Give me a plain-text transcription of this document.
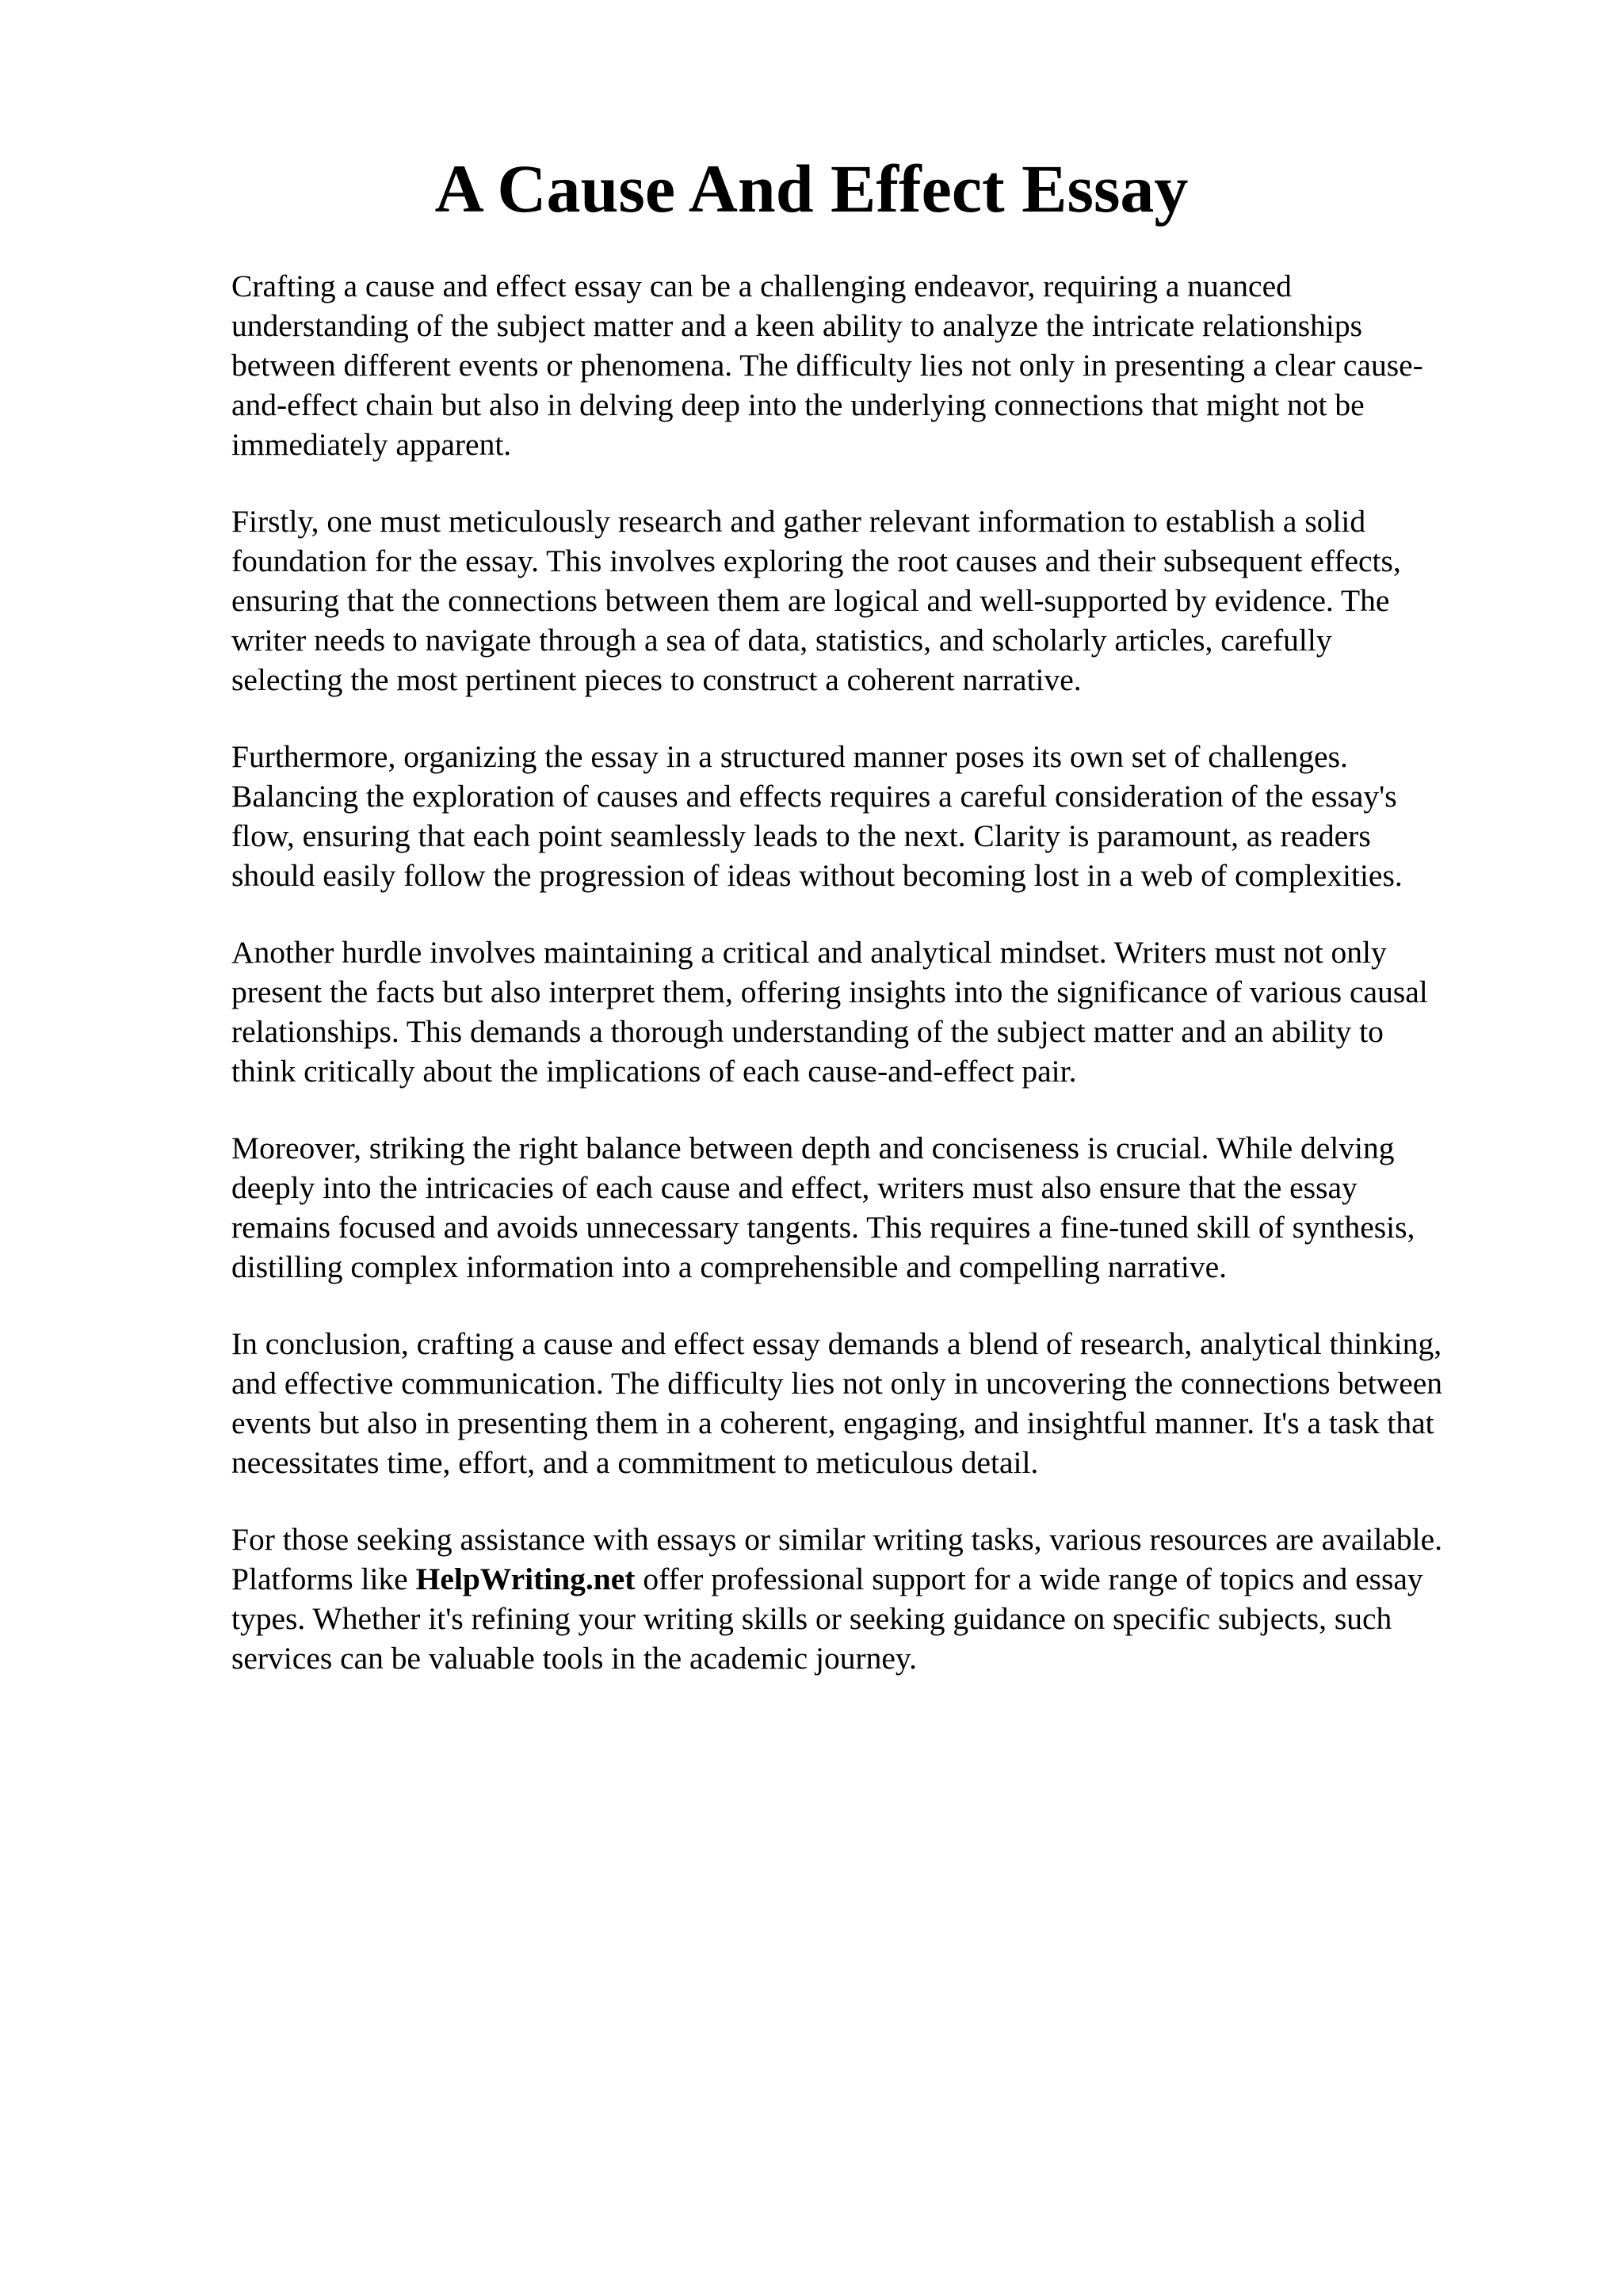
A Cause And Effect Essay

Crafting a cause and effect essay can be a challenging endeavor, requiring a nuanced
understanding of the subject matter and a keen ability to analyze the intricate relationships
between different events or phenomena. The difficulty lies not only in presenting a clear cause-
and-effect chain but also in delving deep into the underlying connections that might not be
immediately apparent.

Firstly, one must meticulously research and gather relevant information to establish a solid
foundation for the essay. This involves exploring the root causes and their subsequent effects,
ensuring that the connections between them are logical and well-supported by evidence. The
writer needs to navigate through a sea of data, statistics, and scholarly articles, carefully
selecting the most pertinent pieces to construct a coherent narrative.

Furthermore, organizing the essay in a structured manner poses its own set of challenges.
Balancing the exploration of causes and effects requires a careful consideration of the essay's
flow, ensuring that each point seamlessly leads to the next. Clarity is paramount, as readers
should easily follow the progression of ideas without becoming lost in a web of complexities.

Another hurdle involves maintaining a critical and analytical mindset. Writers must not only
present the facts but also interpret them, offering insights into the significance of various causal
relationships. This demands a thorough understanding of the subject matter and an ability to
think critically about the implications of each cause-and-effect pair.

Moreover, striking the right balance between depth and conciseness is crucial. While delving
deeply into the intricacies of each cause and effect, writers must also ensure that the essay
remains focused and avoids unnecessary tangents. This requires a fine-tuned skill of synthesis,
distilling complex information into a comprehensible and compelling narrative.

In conclusion, crafting a cause and effect essay demands a blend of research, analytical thinking,
and effective communication. The difficulty lies not only in uncovering the connections between
events but also in presenting them in a coherent, engaging, and insightful manner. It's a task that
necessitates time, effort, and a commitment to meticulous detail.

For those seeking assistance with essays or similar writing tasks, various resources are available.
Platforms like HelpWriting.net offer professional support for a wide range of topics and essay
types. Whether it's refining your writing skills or seeking guidance on specific subjects, such
services can be valuable tools in the academic journey.
